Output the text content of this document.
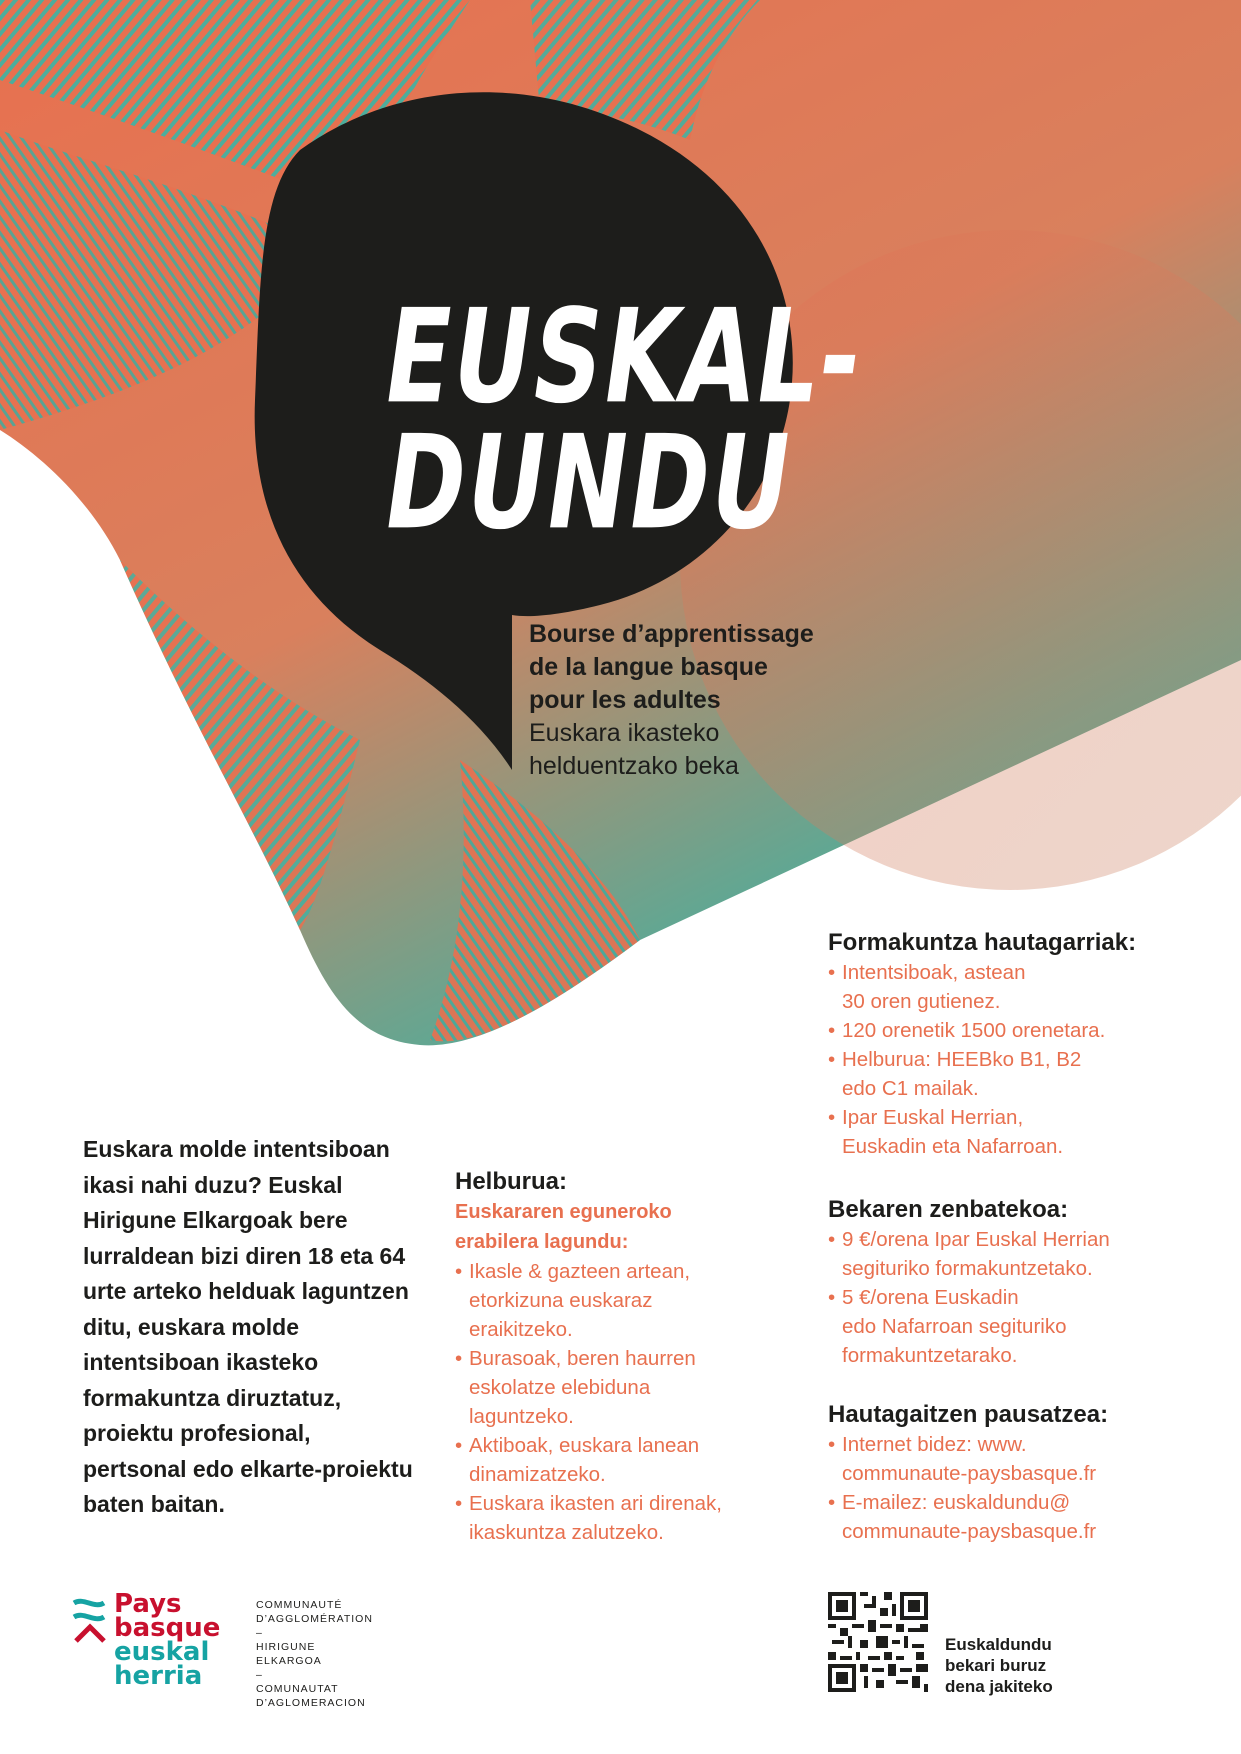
EUSKAL-
DUNDU
Bourse d’apprentissage
de la langue basque
pour les adultes
Euskara ikasteko
helduentzako beka
Euskara molde intentsiboan ikasi nahi duzu? Euskal Hirigune Elkargoak bere lurraldean bizi diren 18 eta 64 urte arteko helduak laguntzen ditu, euskara molde intentsiboan ikasteko formakuntza diruztatuz, proiektu profesional, pertsonal edo elkarte-proiektu baten baitan.
Helburua:
Euskararen eguneroko
erabilera lagundu:
• Ikasle & gazteen artean,
etorkizuna euskaraz
eraikitzeko.
• Burasoak, beren haurren
eskolatze elebiduna
laguntzeko.
• Aktiboak, euskara lanean
dinamizatzeko.
• Euskara ikasten ari direnak,
ikaskuntza zalutzeko.
Formakuntza hautagarriak:
• Intentsiboak, astean
30 oren gutienez.
• 120 orenetik 1500 orenetara.
• Helburua: HEEBko B1, B2
edo C1 mailak.
• Ipar Euskal Herrian,
Euskadin eta Nafarroan.
Bekaren zenbatekoa:
• 9 €/orena Ipar Euskal Herrian
segituriko formakuntzetako.
• 5 €/orena Euskadin
edo Nafarroan segituriko
formakuntzetarako.
Hautagaitzen pausatzea:
• Internet bidez: www.
communaute-paysbasque.fr
• E-mailez: euskaldundu@
communaute-paysbasque.fr
Pays
basque
euskal
herria
COMMUNAUTÉ
D’AGGLOMÉRATION
–
HIRIGUNE
ELKARGOA
–
COMUNAUTAT
D’AGLOMERACION
Euskaldundu
bekari buruz
dena jakiteko
